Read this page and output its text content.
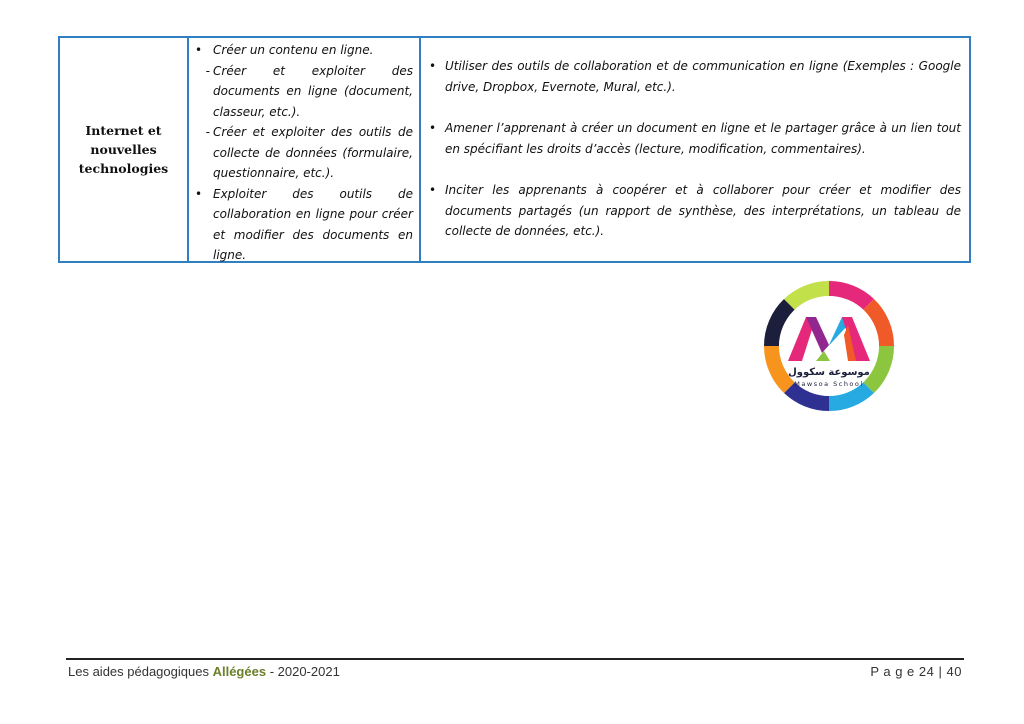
Internet et nouvelles technologies
• Créer un contenu en ligne.
- Créer et exploiter des documents en ligne (document, classeur, etc.).
- Créer et exploiter des outils de collecte de données (formulaire, questionnaire, etc.).
• Exploiter des outils de collaboration en ligne pour créer et modifier des documents en ligne.
• Utiliser des outils de collaboration et de communication en ligne (Exemples : Google drive, Dropbox, Evernote, Mural, etc.).
• Amener l’apprenant à créer un document en ligne et le partager grâce à un lien tout en spécifiant les droits d’accès (lecture, modification, commentaires).
• Inciter les apprenants à coopérer et à collaborer pour créer et modifier des documents partagés (un rapport de synthèse, des interprétations, un tableau de collecte de données, etc.).
موسوعة سكوول
Mawsoa School
Les aides pédagogiques Allégées - 2020-2021	P a g e 24 | 40
